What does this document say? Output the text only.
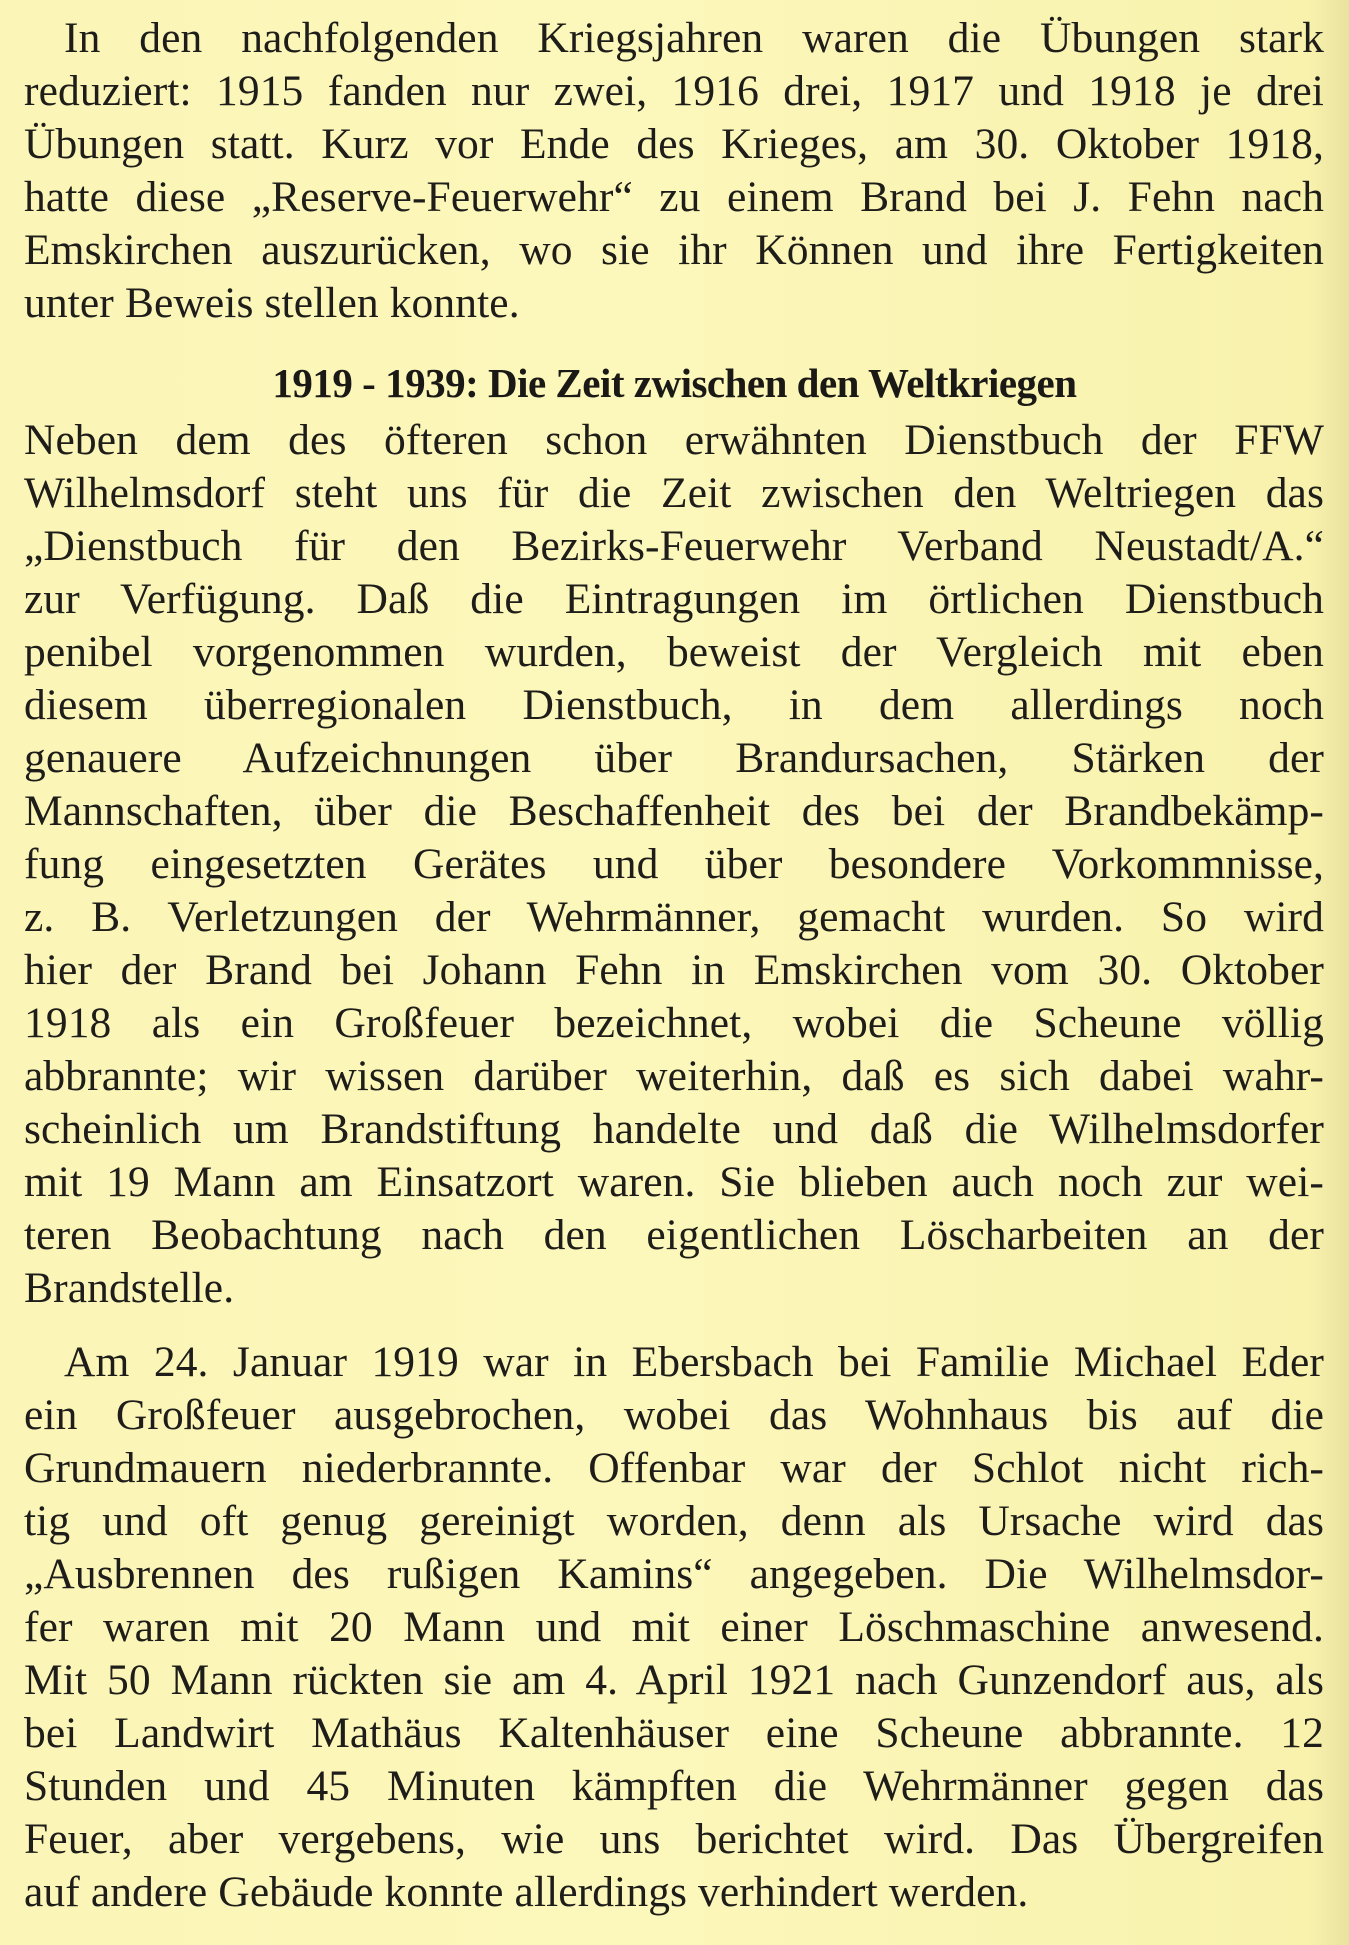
In den nachfolgenden Kriegsjahren waren die Übungen stark
reduziert: 1915 fanden nur zwei, 1916 drei, 1917 und 1918 je drei
Übungen statt. Kurz vor Ende des Krieges, am 30. Oktober 1918,
hatte diese „Reserve-Feuerwehr“ zu einem Brand bei J. Fehn nach
Emskirchen auszurücken, wo sie ihr Können und ihre Fertigkeiten
unter Beweis stellen konnte.
1919 - 1939: Die Zeit zwischen den Weltkriegen
Neben dem des öfteren schon erwähnten Dienstbuch der FFW
Wilhelmsdorf steht uns für die Zeit zwischen den Weltriegen das
„Dienstbuch für den Bezirks-Feuerwehr Verband Neustadt/A.“
zur Verfügung. Daß die Eintragungen im örtlichen Dienstbuch
penibel vorgenommen wurden, beweist der Vergleich mit eben
diesem überregionalen Dienstbuch, in dem allerdings noch
genauere Aufzeichnungen über Brandursachen, Stärken der
Mannschaften, über die Beschaffenheit des bei der Brandbekämp-
fung eingesetzten Gerätes und über besondere Vorkommnisse,
z. B. Verletzungen der Wehrmänner, gemacht wurden. So wird
hier der Brand bei Johann Fehn in Emskirchen vom 30. Oktober
1918 als ein Großfeuer bezeichnet, wobei die Scheune völlig
abbrannte; wir wissen darüber weiterhin, daß es sich dabei wahr-
scheinlich um Brandstiftung handelte und daß die Wilhelmsdorfer
mit 19 Mann am Einsatzort waren. Sie blieben auch noch zur wei-
teren Beobachtung nach den eigentlichen Löscharbeiten an der
Brandstelle.
Am 24. Januar 1919 war in Ebersbach bei Familie Michael Eder
ein Großfeuer ausgebrochen, wobei das Wohnhaus bis auf die
Grundmauern niederbrannte. Offenbar war der Schlot nicht rich-
tig und oft genug gereinigt worden, denn als Ursache wird das
„Ausbrennen des rußigen Kamins“ angegeben. Die Wilhelmsdor-
fer waren mit 20 Mann und mit einer Löschmaschine anwesend.
Mit 50 Mann rückten sie am 4. April 1921 nach Gunzendorf aus, als
bei Landwirt Mathäus Kaltenhäuser eine Scheune abbrannte. 12
Stunden und 45 Minuten kämpften die Wehrmänner gegen das
Feuer, aber vergebens, wie uns berichtet wird. Das Übergreifen
auf andere Gebäude konnte allerdings verhindert werden.
